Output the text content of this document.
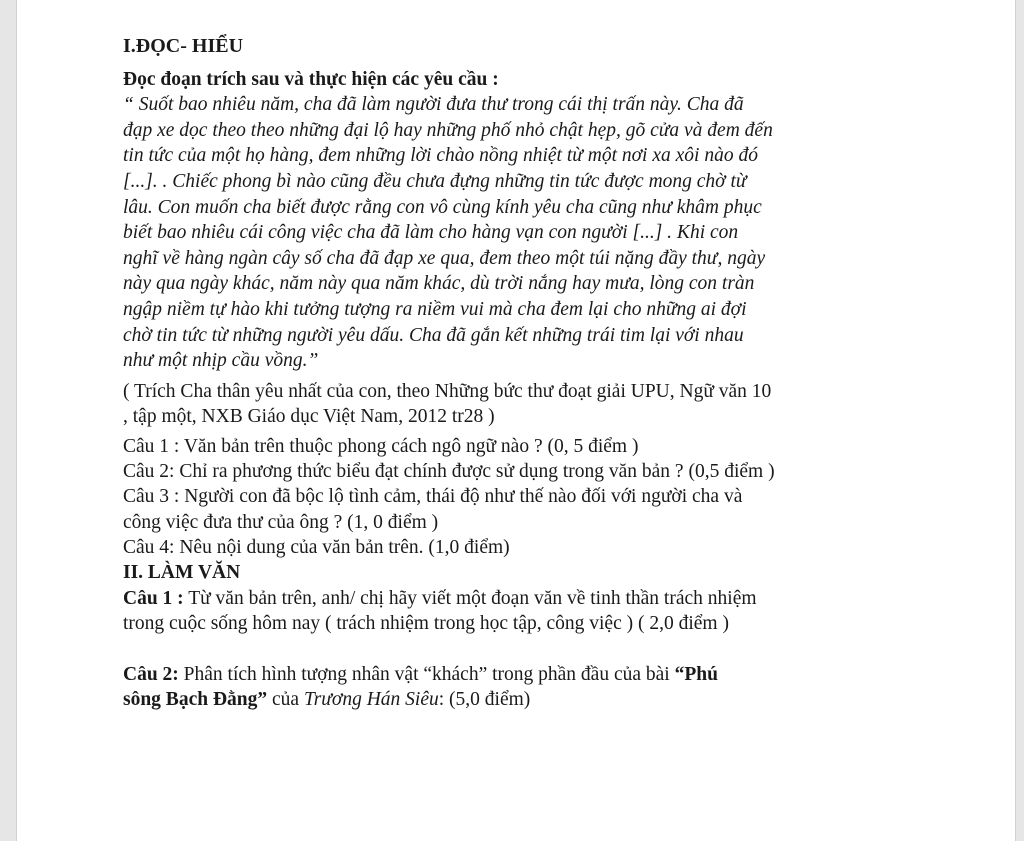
I.ĐỌC- HIỂU
Đọc đoạn trích sau và thực hiện các yêu cầu :
“ Suốt bao nhiêu năm, cha đã làm người đưa thư trong cái thị trấn này. Cha đã
đạp xe dọc theo theo những đại lộ hay những phố nhỏ chật hẹp, gõ cửa và đem đến
tin tức của một họ hàng, đem những lời chào nồng nhiệt từ một nơi xa xôi nào đó
[...]. . Chiếc phong bì nào cũng đều chưa đựng những tin tức được mong chờ từ
lâu. Con muốn cha biết được rằng con vô cùng kính yêu cha cũng như khâm phục
biết bao nhiêu cái công việc cha đã làm cho hàng vạn con người [...] . Khi con
nghĩ về hàng ngàn cây số cha đã đạp xe qua, đem theo một túi nặng đầy thư, ngày
này qua ngày khác, năm này qua năm khác, dù trời nắng hay mưa, lòng con tràn
ngập niềm tự hào khi tưởng tượng ra niềm vui mà cha đem lại cho những ai đợi
chờ tin tức từ những người yêu dấu. Cha đã gắn kết những trái tim lại với nhau
như một nhịp cầu vồng.”
( Trích Cha thân yêu nhất của con, theo Những bức thư đoạt giải UPU, Ngữ văn 10
, tập một, NXB Giáo dục Việt Nam, 2012 tr28 )
Câu 1 : Văn bản trên thuộc phong cách ngô ngữ nào ? (0, 5 điểm )
Câu 2: Chỉ ra phương thức biểu đạt chính được sử dụng trong văn bản ? (0,5 điểm )
Câu 3 : Người con đã bộc lộ tình cảm, thái độ như thế nào đối với người cha và
công việc đưa thư của ông ? (1, 0 điểm )
Câu 4: Nêu nội dung của văn bản trên. (1,0 điểm)
II. LÀM VĂN
Câu 1 : Từ văn bản trên, anh/ chị hãy viết một đoạn văn về tinh thần trách nhiệm
trong cuộc sống hôm nay ( trách nhiệm trong học tập, công việc ) ( 2,0 điểm )
Câu 2: Phân tích hình tượng nhân vật “khách” trong phần đầu của bài “Phú
sông Bạch Đằng” của Trương Hán Siêu: (5,0 điểm)
